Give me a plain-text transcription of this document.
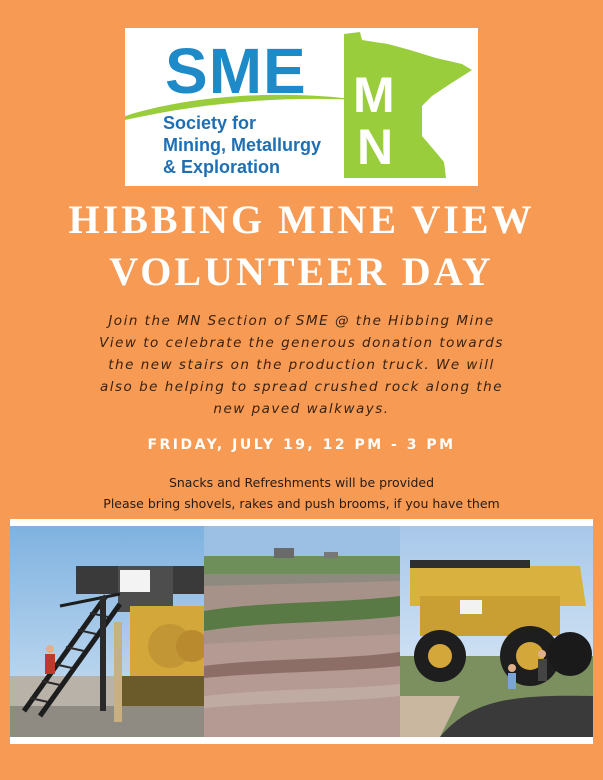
SME
Society for
Mining, Metallurgy
& Exploration
M
N
HIBBING MINE VIEW
VOLUNTEER DAY
Join the MN Section of SME @ the Hibbing Mine
View to celebrate the generous donation towards
the new stairs on the production truck. We will
also be helping to spread crushed rock along the
new paved walkways.
FRIDAY, JULY 19, 12 PM - 3 PM
Snacks and Refreshments will be provided
Please bring shovels, rakes and push brooms, if you have them
